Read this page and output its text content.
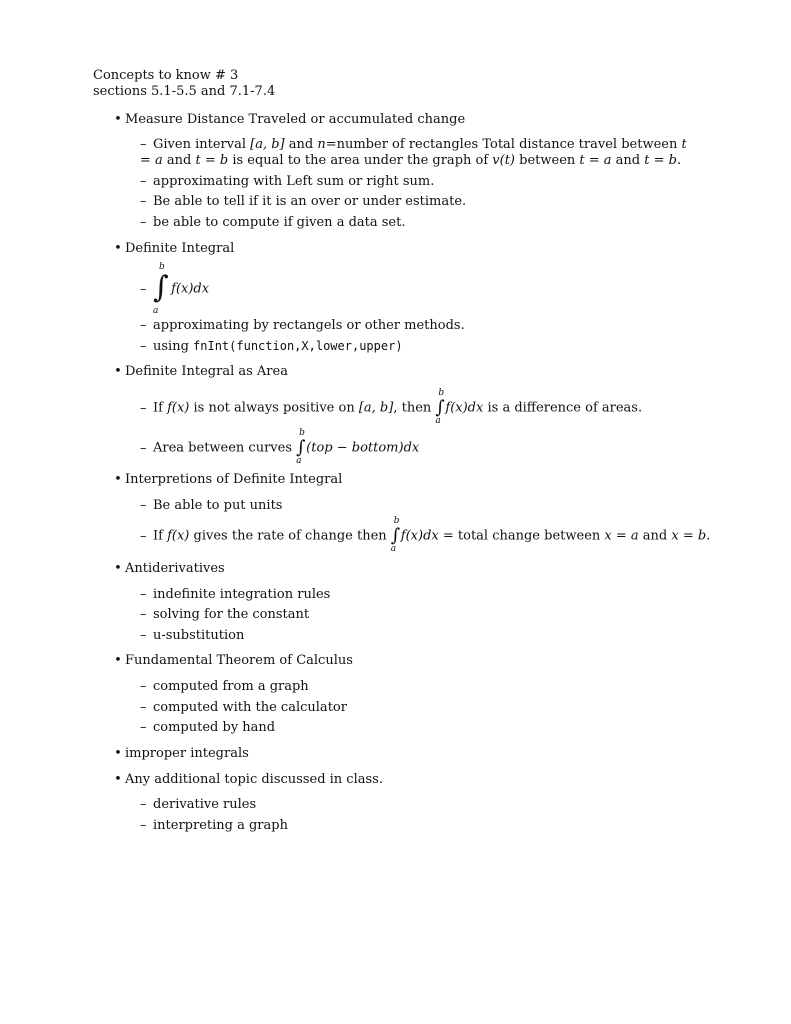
Concepts to know # 3
sections 5.1-5.5 and 7.1-7.4
• Measure Distance Traveled or accumulated change
– Given interval [a, b] and n=number of rectangles Total distance travel between t = a and t = b is equal to the area under the graph of v(t) between t = a and t = b.
– approximating with Left sum or right sum.
– Be able to tell if it is an over or under estimate.
– be able to compute if given a data set.
• Definite Integral
–
b
∫
a
f(x)dx
– approximating by rectangels or other methods.
– using fnInt(function,X,lower,upper)
• Definite Integral as Area
– If f(x) is not always positive on [a, b], then
b
∫
a
f(x)dx is a difference of areas.
– Area between curves
b
∫
a
(top − bottom)dx
• Interpretions of Definite Integral
– Be able to put units
– If f(x) gives the rate of change then
b
∫
a
f(x)dx = total change between x = a and x = b.
• Antiderivatives
– indefinite integration rules
– solving for the constant
– u-substitution
• Fundamental Theorem of Calculus
– computed from a graph
– computed with the calculator
– computed by hand
• improper integrals
• Any additional topic discussed in class.
– derivative rules
– interpreting a graph
